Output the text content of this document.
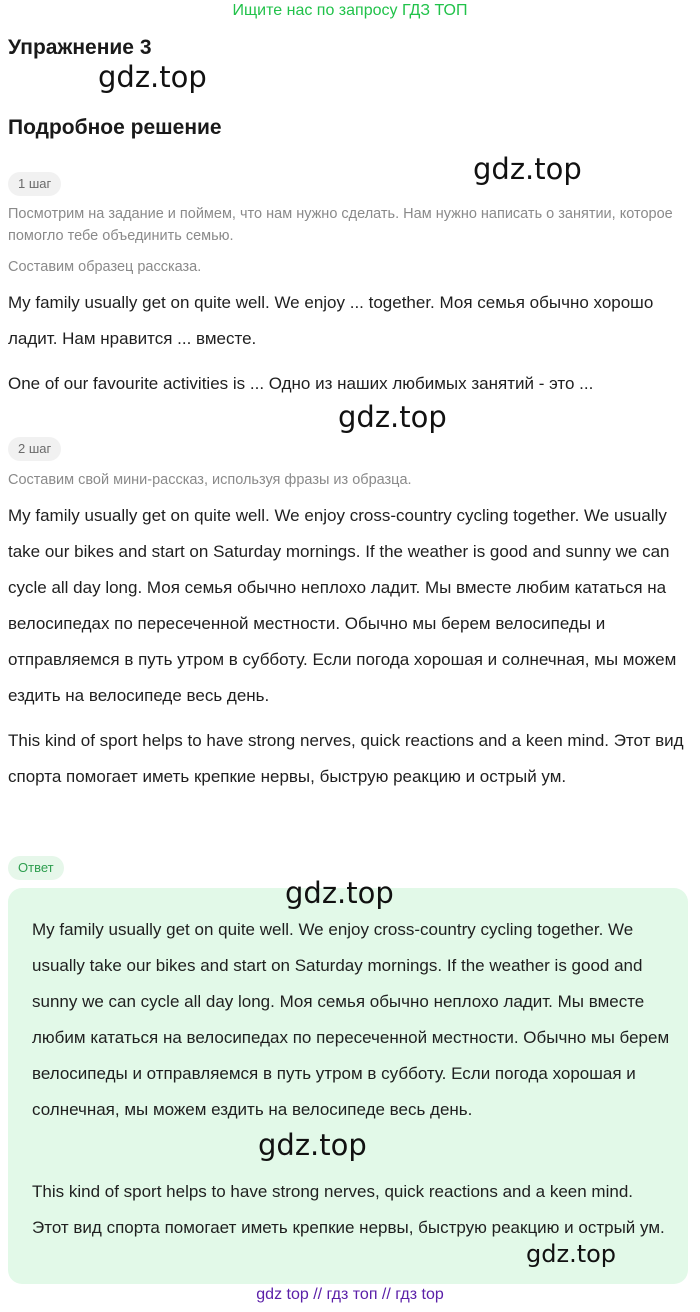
Ищите нас по запросу ГДЗ ТОП
Упражнение 3
gdz.top
Подробное решение
gdz.top
1 шаг
Посмотрим на задание и поймем, что нам нужно сделать. Нам нужно написать о занятии, которое помогло тебе объединить семью.
Составим образец рассказа.
My family usually get on quite well. We enjoy ... together. Моя семья обычно хорошо ладит. Нам нравится ... вместе.
One of our favourite activities is ... Одно из наших любимых занятий - это ...
gdz.top
2 шаг
Составим свой мини-рассказ, используя фразы из образца.
My family usually get on quite well. We enjoy cross-country cycling together. We usually take our bikes and start on Saturday mornings. If the weather is good and sunny we can cycle all day long. Моя семья обычно неплохо ладит. Мы вместе любим кататься на велосипедах по пересеченной местности. Обычно мы берем велосипеды и отправляемся в путь утром в субботу. Если погода хорошая и солнечная, мы можем ездить на велосипеде весь день.
This kind of sport helps to have strong nerves, quick reactions and a keen mind. Этот вид спорта помогает иметь крепкие нервы, быструю реакцию и острый ум.
Ответ
gdz.top
My family usually get on quite well. We enjoy cross-country cycling together. We usually take our bikes and start on Saturday mornings. If the weather is good and sunny we can cycle all day long. Моя семья обычно неплохо ладит. Мы вместе любим кататься на велосипедах по пересеченной местности. Обычно мы берем велосипеды и отправляемся в путь утром в субботу. Если погода хорошая и солнечная, мы можем ездить на велосипеде весь день.
gdz.top
This kind of sport helps to have strong nerves, quick reactions and a keen mind. Этот вид спорта помогает иметь крепкие нервы, быструю реакцию и острый ум.
gdz.top
gdz top // гдз топ // гдз top
